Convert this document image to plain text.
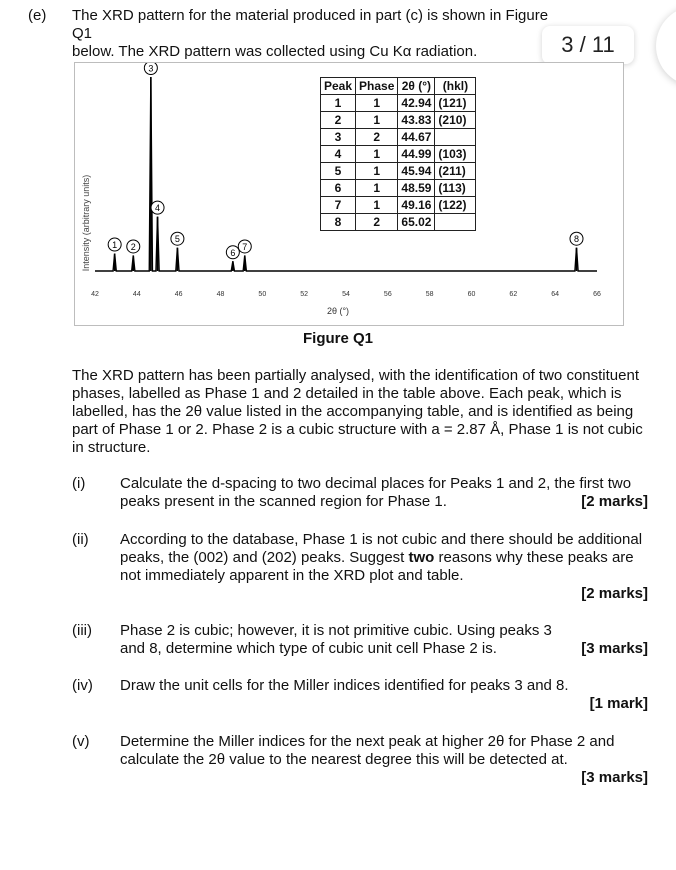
(e) The XRD pattern for the material produced in part (c) is shown in Figure Q1
below. The XRD pattern was collected using Cu Kα radiation.	3 / 11
Intensity (arbitrary units)
2θ (°)
42	44	46	48	50	52	54	56	58	60	62	64	66
1 2
3
4
5
6
7
8
Peak	Phase	2θ (°)	(hkl)
1	1	42.94	(121)
2	1	43.83	(210)
3	2	44.67	
4	1	44.99	(103)
5	1	45.94	(211)
6	1	48.59	(113)
7	1	49.16	(122)
8	2	65.02	
Figure Q1
The XRD pattern has been partially analysed, with the identification of two constituent phases, labelled as Phase 1 and 2 detailed in the table above. Each peak, which is labelled, has the 2θ value listed in the accompanying table, and is identified as being part of Phase 1 or 2. Phase 2 is a cubic structure with a = 2.87 Å, Phase 1 is not cubic in structure.
(i) Calculate the d-spacing to two decimal places for Peaks 1 and 2, the first two peaks present in the scanned region for Phase 1.	[2 marks]
(ii) According to the database, Phase 1 is not cubic and there should be additional peaks, the (002) and (202) peaks. Suggest two reasons why these peaks are not immediately apparent in the XRD plot and table.
[2 marks]
(iii) Phase 2 is cubic; however, it is not primitive cubic. Using peaks 3 and 8, determine which type of cubic unit cell Phase 2 is.	[3 marks]
(iv) Draw the unit cells for the Miller indices identified for peaks 3 and 8.
[1 mark]
(v) Determine the Miller indices for the next peak at higher 2θ for Phase 2 and calculate the 2θ value to the nearest degree this will be detected at.
[3 marks]
